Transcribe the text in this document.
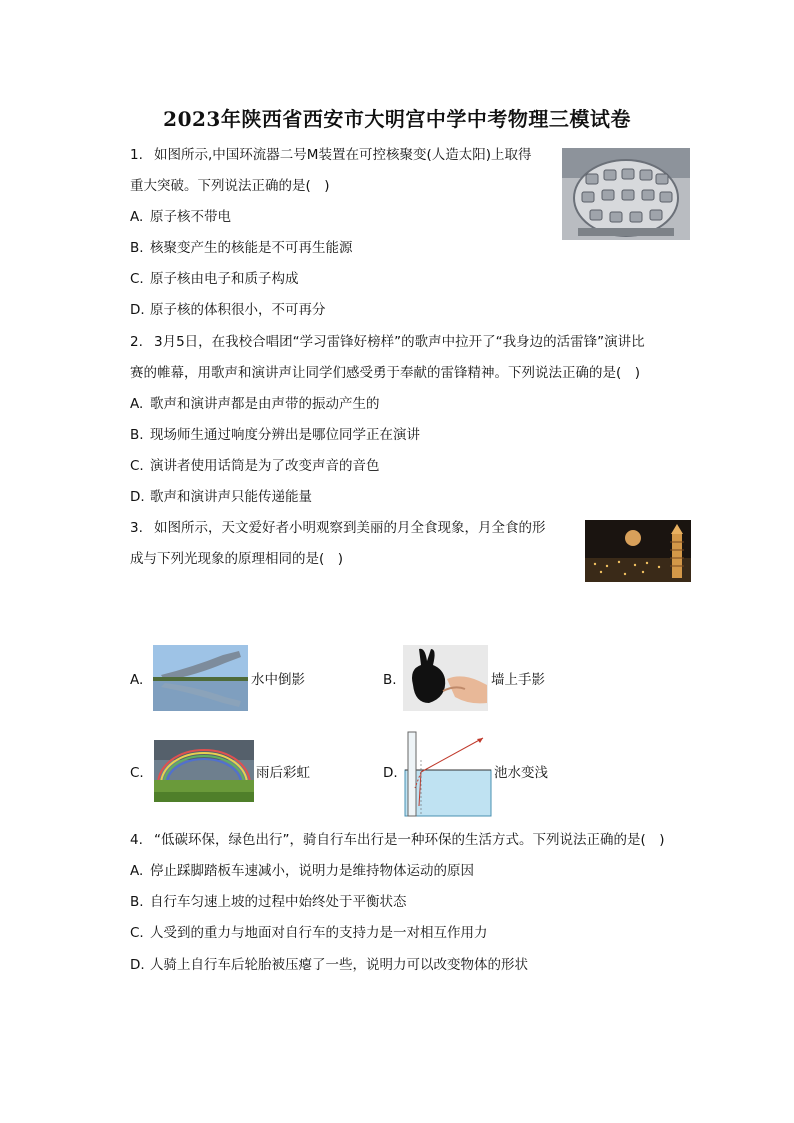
2023年陕西省西安市大明宫中学中考物理三模试卷
1. 如图所示,中国环流器二号M装置在可控核聚变(人造太阳)上取得
重大突破。下列说法正确的是(　)
A. 原子核不带电
B. 核聚变产生的核能是不可再生能源
C. 原子核由电子和质子构成
D. 原子核的体积很小，不可再分
2. 3月5日，在我校合唱团“学习雷锋好榜样”的歌声中拉开了“我身边的活雷锋”演讲比
赛的帷幕，用歌声和演讲声让同学们感受勇于奉献的雷锋精神。下列说法正确的是(　)
A. 歌声和演讲声都是由声带的振动产生的
B. 现场师生通过响度分辨出是哪位同学正在演讲
C. 演讲者使用话筒是为了改变声音的音色
D. 歌声和演讲声只能传递能量
3. 如图所示，天文爱好者小明观察到美丽的月全食现象，月全食的形
成与下列光现象的原理相同的是(　)
A.	水中倒影	B.	墙上手影
C.	雨后彩虹	D.	池水变浅
4. “低碳环保，绿色出行”，骑自行车出行是一种环保的生活方式。下列说法正确的是(　)
A. 停止踩脚踏板车速减小，说明力是维持物体运动的原因
B. 自行车匀速上坡的过程中始终处于平衡状态
C. 人受到的重力与地面对自行车的支持力是一对相互作用力
D. 人骑上自行车后轮胎被压瘪了一些，说明力可以改变物体的形状
